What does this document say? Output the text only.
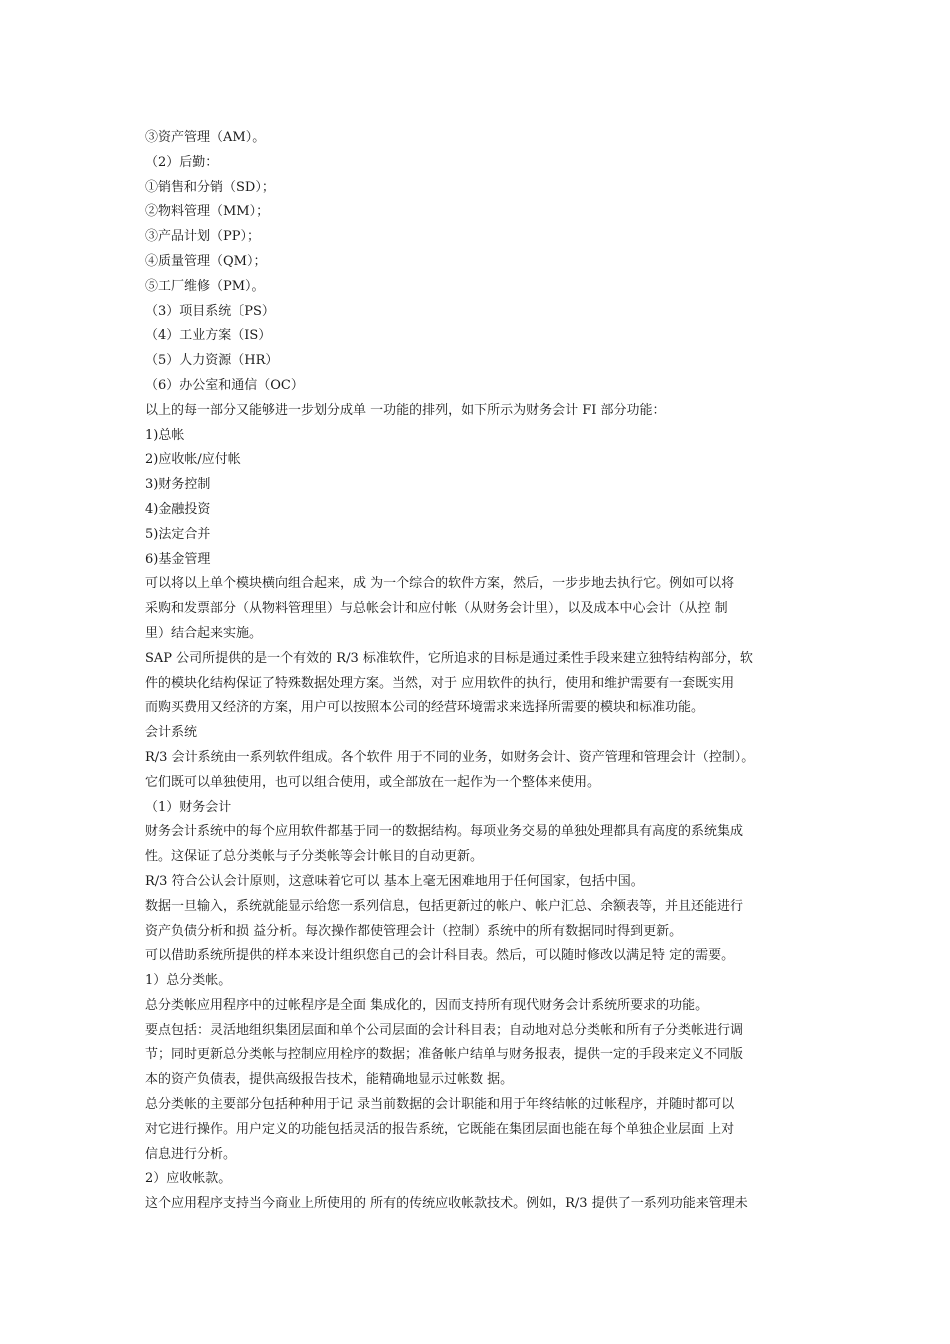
③资产管理（AM）。

（2）后勤：

①销售和分销（SD）；

②物料管理（MM）；

③产品计划（PP）；

④质量管理（QM）；

⑤工厂维修（PM）。

（3）项目系统〔PS）

（4）工业方案（IS）

（5）人力资源（HR）

（6）办公室和通信（OC）

以上的每一部分又能够进一步划分成单 一功能的排列，如下所示为财务会计 FI 部分功能：

1)总帐

2)应收帐/应付帐

3)财务控制

4)金融投资

5)法定合并

6)基金管理

可以将以上单个模块横向组合起来，成 为一个综合的软件方案，然后，一步步地去执行它。例如可以将

采购和发票部分（从物料管理里）与总帐会计和应付帐（从财务会计里），以及成本中心会计（从控 制

里）结合起来实施。

SAP 公司所提供的是一个有效的 R/3 标准软件，它所追求的目标是通过柔性手段来建立独特结构部分，软

件的模块化结构保证了特殊数据处理方案。当然，对于 应用软件的执行，使用和维护需要有一套既实用

而购买费用又经济的方案，用户可以按照本公司的经营环境需求来选择所需要的模块和标准功能。

会计系统

R/3 会计系统由一系列软件组成。各个软件 用于不同的业务，如财务会计、资产管理和管理会计（控制）。

它们既可以单独使用，也可以组合使用，或全部放在一起作为一个整体来使用。

（1）财务会计

财务会计系统中的每个应用软件都基于同一的数据结构。每项业务交易的单独处理都具有高度的系统集成

性。这保证了总分类帐与子分类帐等会计帐目的自动更新。

R/3 符合公认会计原则，这意味着它可以 基本上毫无困难地用于任何国家，包括中国。

数据一旦输入，系统就能显示给您一系列信息，包括更新过的帐户、帐户汇总、余额表等，并且还能进行

资产负债分析和损 益分析。每次操作都使管理会计（控制）系统中的所有数据同时得到更新。

可以借助系统所提供的样本来设计组织您自己的会计科目表。然后，可以随时修改以满足特 定的需要。

1）总分类帐。

总分类帐应用程序中的过帐程序是全面 集成化的，因而支持所有现代财务会计系统所要求的功能。

要点包括：灵活地组织集团层面和单个公司层面的会计科目表；自动地对总分类帐和所有子分类帐进行调

节；同时更新总分类帐与控制应用栓序的数据；准备帐户结单与财务报表，提供一定的手段来定义不同版

本的资产负债表，提供高级报告技术，能精确地显示过帐数 据。

总分类帐的主要部分包括种种用于记 录当前数据的会计职能和用于年终结帐的过帐程序，并随时都可以

对它进行操作。用户定义的功能包括灵活的报告系统，它既能在集团层面也能在每个单独企业层面 上对

信息进行分析。

2）应收帐款。

这个应用程序支持当今商业上所使用的 所有的传统应收帐款技术。例如，R/3 提供了一系列功能来管理未
